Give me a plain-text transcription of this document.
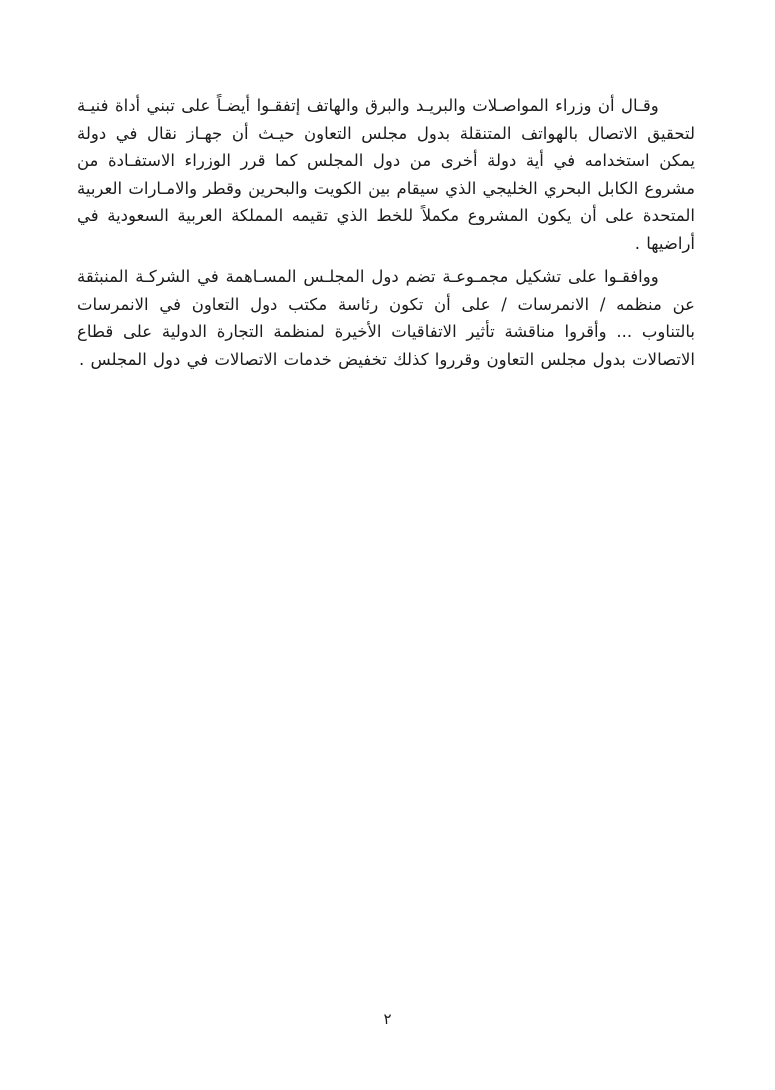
وقـال أن وزراء المواصـلات والبريـد والبرق والهاتف إتفقـوا أيضـاً على تبني أداة فنيـة لتحقيق الاتصال بالهواتف المتنقلة بدول مجلس التعاون حيـث أن جهـاز نقال في دولة يمكن استخدامه في أية دولة أخرى من دول المجلس كما قرر الوزراء الاستفـادة من مشروع الكابل البحري الخليجي الذي سيقام بين الكويت والبحرين وقطر والامـارات العربية المتحدة على أن يكون المشروع مكملاً للخط الذي تقيمه المملكة العربية السعودية في أراضيها .

ووافقـوا على تشكيل مجمـوعـة تضم دول المجلـس المسـاهمة في الشركـة المنبثقة عن منظمه / الانمرسات / على أن تكون رئاسة مكتب دول التعاون في الانمرسات بالتناوب ... وأقروا مناقشة تأثير الاتفاقيات الأخيرة لمنظمة التجارة الدولية على قطاع الاتصالات بدول مجلس التعاون وقرروا كذلك تخفيض خدمات الاتصالات في دول المجلس .

٢
